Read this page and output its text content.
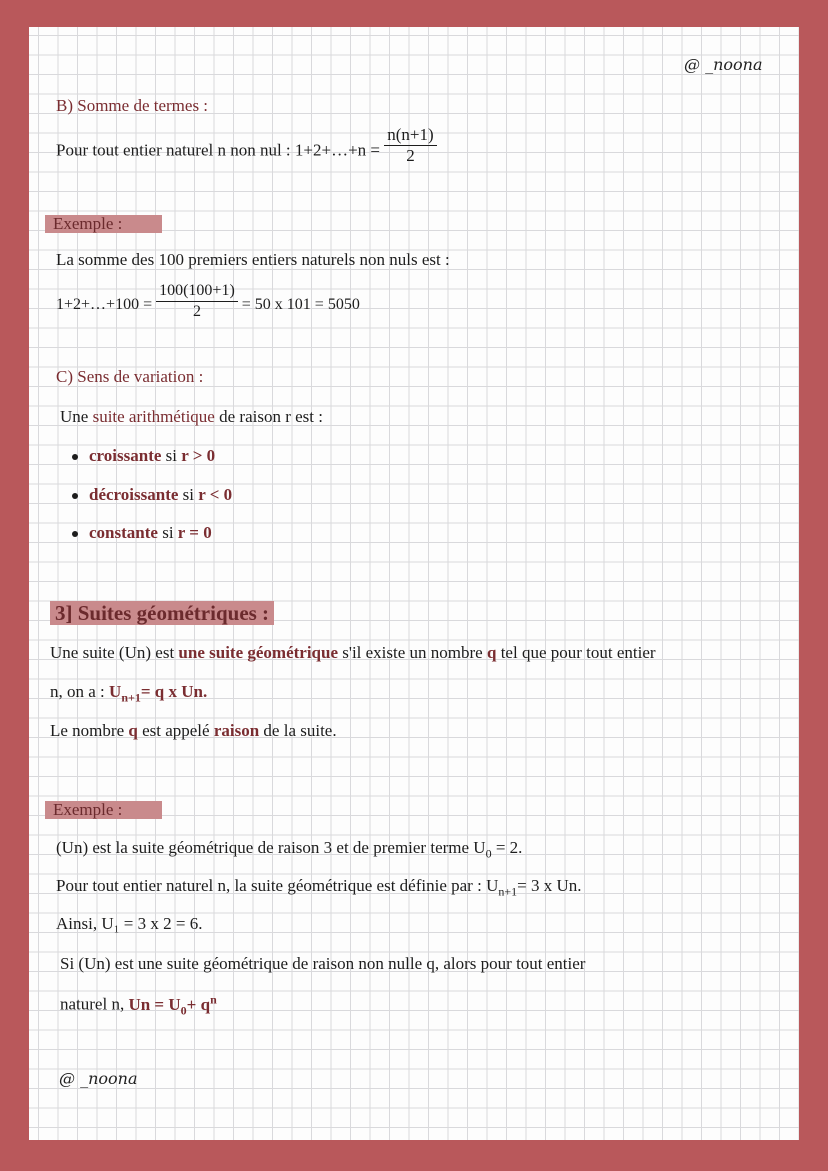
@ _noona
B) Somme de termes :
Pour tout entier naturel n non nul : 1+2+…+n = $\frac{n(n+1)}{2}$
Exemple :
La somme des 100 premiers entiers naturels non nuls est :
1+2+…+100 = $\frac{100(100+1)}{2} = 50$ x 101 = 5050
C) Sens de variation :
Une suite arithmétique de raison r est :
croissante si r > 0
décroissante si r < 0
constante si r = 0
3] Suites géométriques :
Une suite (Un) est une suite géométrique s'il existe un nombre q tel que pour tout entier
n, on a : $U_{n+1}= q$ x Un.
Le nombre q est appelé raison de la suite.
Exemple :
(Un) est la suite géométrique de raison 3 et de premier terme $U_0 = 2$.
Pour tout entier naturel n, la suite géométrique est définie par : $U_{n+1}= 3$ x Un.
Ainsi, U₁ = 3 x 2 = 6.
Si (Un) est une suite géométrique de raison non nulle q, alors pour tout entier
naturel n, $Un = U_0+ q^n$
@ _noona
